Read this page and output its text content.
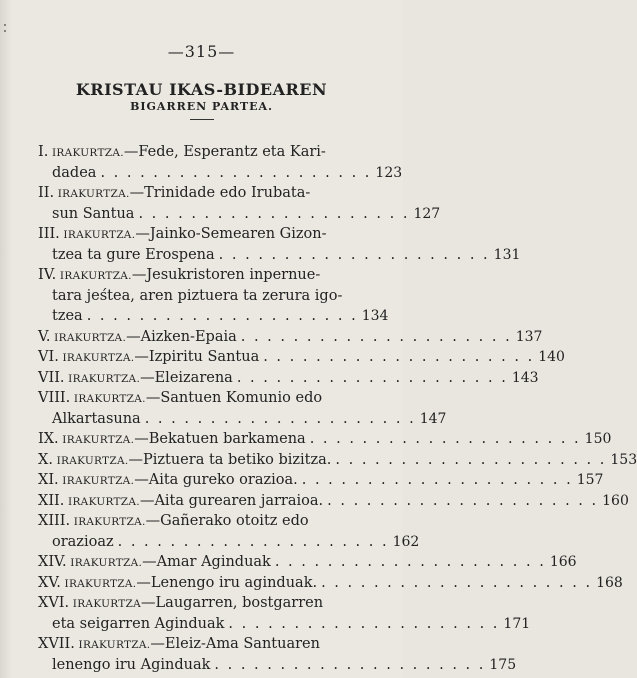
—315—
KRISTAU IKAS-BIDEAREN
BIGARREN PARTEA.
I. IRAKURTZA.—Fede, Esperantz eta Kari-
dadea . . .	123
II. IRAKURTZA.—Trinidade edo Irubata-
sun Santua . . .	127
III. IRAKURTZA.—Jainko-Semearen Gizon-
tzea ta gure Erospena . . .	131
IV. IRAKURTZA.—Jesukristoren inpernue-
tara jeśtea, aren piztuera ta zerura igo-
tzea . . .	134
V. IRAKURTZA.—Aizken-Epaia . . .	137
VI. IRAKURTZA.—Izpiritu Santua . . .	140
VII. IRAKURTZA.—Eleizarena . . .	143
VIII. IRAKURTZA.—Santuen Komunio edo
Alkartasuna . . .	147
IX. IRAKURTZA.—Bekatuen barkamena . . .	150
X. IRAKURTZA.—Piztuera ta betiko bizitza. . . .	153
XI. IRAKURTZA.—Aita gureko orazioa. . . .	157
XII. IRAKURTZA.—Aita gurearen jarraioa. . . .	160
XIII. IRAKURTZA.—Gañerako otoitz edo
orazioaz . . .	162
XIV. IRAKURTZA.—Amar Aginduak . . .	166
XV. IRAKURTZA.—Lenengo iru aginduak. . . .	168
XVI. IRAKURTZA—Laugarren, bostgarren
eta seigarren Aginduak . . .	171
XVII. IRAKURTZA.—Eleiz-Ama Santuaren
lenengo iru Aginduak . . .	175
